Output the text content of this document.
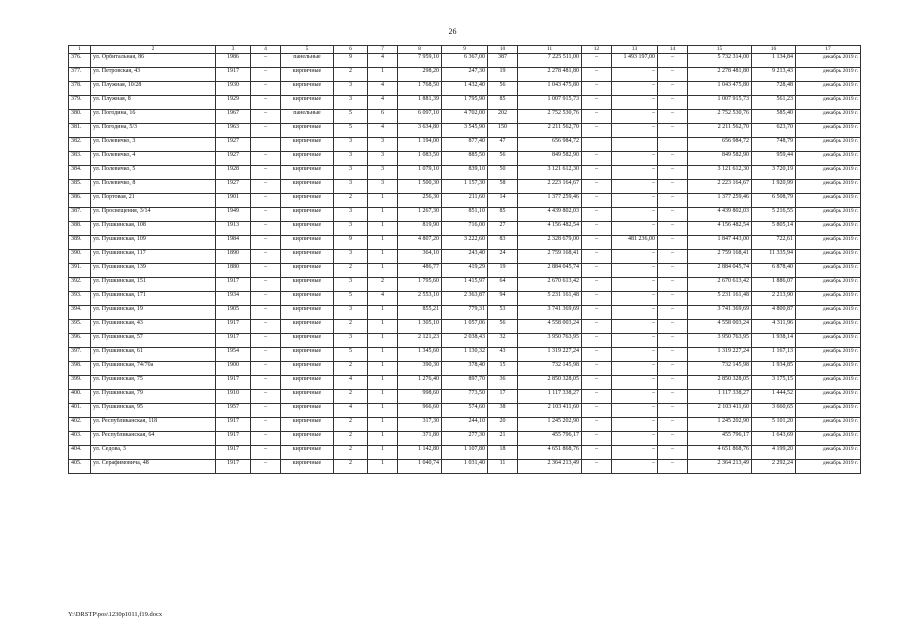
26
1	2	3	4	5	6	7	8	9	10	11	12	13	14	15	16	17
376.	ул. Орбитальная, 86	1986	–	панельные	9	4	7 959,10	6 367,00	387	7 225 511,00	–	1 493 197,00	–	5 732 314,00	1 134,84	декабрь 2019 г.
377.	ул. Петровская, 43	1917	–	кирпичные	2	1	298,20	247,30	19	2 278 481,80	–	–	–	2 278 481,80	9 213,43	декабрь 2019 г.
378.	ул. Плужная, 10/28	1930	–	кирпичные	3	4	1 768,50	1 432,40	56	1 043 475,80	–	–	–	1 043 475,80	728,48	декабрь 2019 г.
379.	ул. Плужная, 8	1929	–	кирпичные	3	4	1 881,39	1 795,90	85	1 007 915,73	–	–	–	1 007 915,73	561,23	декабрь 2019 г.
380.	ул. Погодина, 16	1967	–	панельные	5	6	6 097,10	4 702,00	202	2 752 530,76	–	–	–	2 752 530,76	585,40	декабрь 2019 г.
381.	ул. Погодина, 5/3	1963	–	кирпичные	5	4	3 634,80	3 545,90	150	2 211 562,70	–	–	–	2 211 562,70	623,70	декабрь 2019 г.
382.	ул. Полевичко, 3	1927		кирпичные	3	3	1 194,00	877,40	47	656 984,72				656 984,72	748,79	декабрь 2019 г.
383.	ул. Полевичко, 4	1927	–	кирпичные	3	3	1 083,50	885,50	56	849 582,90	–	–	–	849 582,90	959,44	декабрь 2019 г.
384.	ул. Полевичко, 5	1928	–	кирпичные	3	3	1 079,10	839,10	50	3 121 612,30	–	–	–	3 121 612,30	3 720,19	декабрь 2019 г.
385.	ул. Полевичко, 8	1927	–	кирпичные	3	3	1 500,30	1 157,30	58	2 223 164,67	–	–	–	2 223 164,67	1 920,99	декабрь 2019 г.
386.	ул. Портовая, 21	1901	–	кирпичные	2	1	256,30	211,60	14	1 377 259,46	–	–	–	1 377 259,46	6 508,79	декабрь 2019 г.
387.	ул. Просвещения, 3/14	1949	–	кирпичные	3	1	1 267,30	851,10	85	4 439 802,03	–	–	–	4 439 802,03	5 216,55	декабрь 2019 г.
388.	ул. Пушкинская, 108	1913	–	кирпичные	3	1	819,90	716,00	27	4 156 482,54	–	–	–	4 156 482,54	5 805,14	декабрь 2019 г.
389.	ул. Пушкинская, 109	1984	–	кирпичные	9	1	4 807,20	3 222,60	83	2 328 679,00	–	481 236,00	–	1 847 443,00	722,61	декабрь 2019 г.
390.	ул. Пушкинская, 117	1890	–	кирпичные	3	1	364,10	243,40	24	2 759 168,41	–	–	–	2 759 168,41	11 335,94	декабрь 2019 г.
391.	ул. Пушкинская, 139	1880	–	кирпичные	2	1	486,77	419,29	19	2 884 045,74	–	–	–	2 884 045,74	6 878,40	декабрь 2019 г.
392.	ул. Пушкинская, 151	1917	–	кирпичные	3	2	1 795,60	1 415,97	64	2 670 613,42	–	–	–	2 670 613,42	1 886,07	декабрь 2019 г.
393.	ул. Пушкинская, 171	1934	–	кирпичные	5	4	2 553,10	2 363,87	94	5 231 161,48	–	–	–	5 231 161,48	2 213,90	декабрь 2019 г.
394.	ул. Пушкинская, 19	1905	–	кирпичные	3	1	855,21	779,31	53	3 741 369,69	–	–	–	3 741 369,69	4 800,87	декабрь 2019 г.
395.	ул. Пушкинская, 43	1917	–	кирпичные	2	1	1 305,10	1 057,06	56	4 558 003,24	–	–	–	4 558 003,24	4 311,96	декабрь 2019 г.
396.	ул. Пушкинская, 57	1917	–	кирпичные	3	1	2 121,23	2 038,43	32	3 950 763,95	–	–	–	3 950 763,95	1 938,14	декабрь 2019 г.
397.	ул. Пушкинская, 61	1954	–	кирпичные	5	1	1 345,60	1 130,32	43	1 319 227,24	–	–	–	1 319 227,24	1 167,13	декабрь 2019 г.
398.	ул. Пушкинская, 74/70а	1900	–	кирпичные	2	1	390,30	378,40	15	732 145,98	–	–	–	732 145,98	1 934,85	декабрь 2019 г.
399.	ул. Пушкинская, 75	1917	–	кирпичные	4	1	1 276,40	897,70	36	2 850 328,05	–	–	–	2 850 328,05	3 175,15	декабрь 2019 г.
400.	ул. Пушкинская, 79	1910	–	кирпичные	2	1	998,60	773,50	17	1 117 338,27	–	–	–	1 117 338,27	1 444,52	декабрь 2019 г.
401.	ул. Пушкинская, 95	1957	–	кирпичные	4	1	966,60	574,60	38	2 103 411,60	–	–	–	2 103 411,60	3 660,65	декабрь 2019 г.
402.	ул. Республиканская, 118	1917	–	кирпичные	2	1	317,30	244,10	20	1 245 202,90	–	–	–	1 245 202,90	5 101,20	декабрь 2019 г.
403.	ул. Республиканская, 64	1917	–	кирпичные	2	1	371,80	277,30	21	455 796,17	–	–	–	455 796,17	1 643,69	декабрь 2019 г.
404.	ул. Седова, 3	1917	–	кирпичные	2	1	1 142,80	1 107,80	18	4 651 868,76	–	–	–	4 651 868,76	4 199,20	декабрь 2019 г.
405.	ул. Серафимовича, 48	1917	–	кирпичные	2	1	1 040,74	1 031,40	11	2 364 213,49	–	–	–	2 364 213,49	2 292,24	декабрь 2019 г.
Y:\DRSTP\pos\1230p1011,f19.docx
